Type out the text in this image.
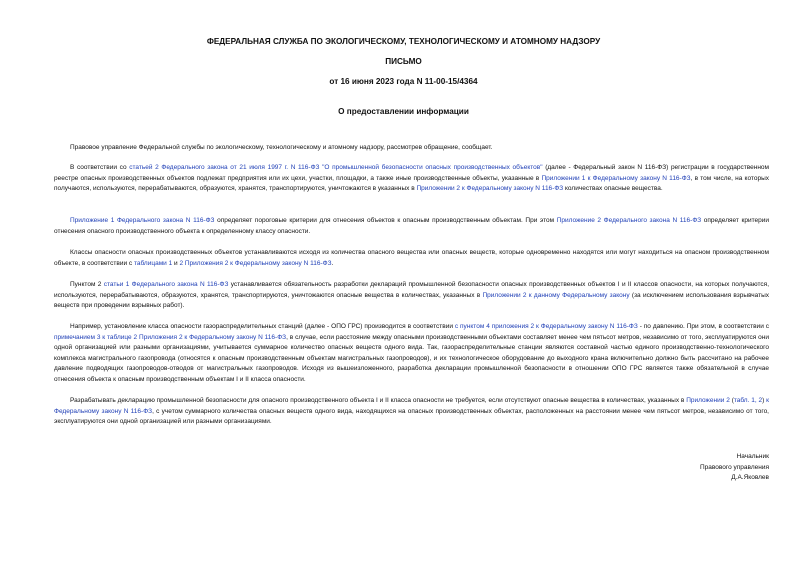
ФЕДЕРАЛЬНАЯ СЛУЖБА ПО ЭКОЛОГИЧЕСКОМУ, ТЕХНОЛОГИЧЕСКОМУ И АТОМНОМУ НАДЗОРУ
ПИСЬМО
от 16 июня 2023 года N 11-00-15/4364
О предоставлении информации

Правовое управление Федеральной службы по экологическому, технологическому и атомному надзору, рассмотрев обращение, сообщает.

В соответствии со статьей 2 Федерального закона от 21 июля 1997 г. N 116-ФЗ "О промышленной безопасности опасных производственных объектов" (далее - Федеральный закон N 116-ФЗ) регистрации в государственном реестре опасных производственных объектов подлежат предприятия или их цехи, участки, площадки, а также иные производственные объекты, указанные в Приложении 1 к Федеральному закону N 116-ФЗ, в том числе, на которых получаются, используются, перерабатываются, образуются, хранятся, транспортируются, уничтожаются в указанных в Приложении 2 к Федеральному закону N 116-ФЗ количествах опасные вещества.

Приложение 1 Федерального закона N 116-ФЗ определяет пороговые критерии для отнесения объектов к опасным производственным объектам. При этом Приложение 2 Федерального закона N 116-ФЗ определяет критерии отнесения опасного производственного объекта к определенному классу опасности.

Классы опасности опасных производственных объектов устанавливаются исходя из количества опасного вещества или опасных веществ, которые одновременно находятся или могут находиться на опасном производственном объекте, в соответствии с таблицами 1 и 2 Приложения 2 к Федеральному закону N 116-ФЗ.

Пунктом 2 статьи 1 Федерального закона N 116-ФЗ устанавливается обязательность разработки деклараций промышленной безопасности опасных производственных объектов I и II классов опасности, на которых получаются, используются, перерабатываются, образуются, хранятся, транспортируются, уничтожаются опасные вещества в количествах, указанных в Приложении 2 к данному Федеральному закону (за исключением использования взрывчатых веществ при проведении взрывных работ).

Например, установление класса опасности газораспределительных станций (далее - ОПО ГРС) производится в соответствии с пунктом 4 приложения 2 к Федеральному закону N 116-ФЗ - по давлению. При этом, в соответствии с примечанием 3 к таблице 2 Приложения 2 к Федеральному закону N 116-ФЗ, в случае, если расстояние между опасными производственными объектами составляет менее чем пятьсот метров, независимо от того, эксплуатируются они одной организацией или разными организациями, учитывается суммарное количество опасных веществ одного вида. Так, газораспределительные станции являются составной частью единого производственно-технологического комплекса магистрального газопровода (относятся к опасным производственным объектам магистральных газопроводов), и их технологическое оборудование до выходного крана включительно должно быть рассчитано на рабочее давление подводящих газопроводов-отводов от магистральных газопроводов. Исходя из вышеизложенного, разработка декларации промышленной безопасности в отношении ОПО ГРС является также обязательной в случае отнесения объекта к опасным производственным объектам I и II класса опасности.

Разрабатывать декларацию промышленной безопасности для опасного производственного объекта I и II класса опасности не требуется, если отсутствуют опасные вещества в количествах, указанных в Приложении 2 (табл. 1, 2) к Федеральному закону N 116-ФЗ, с учетом суммарного количества опасных веществ одного вида, находящихся на опасных производственных объектах, расположенных на расстоянии менее чем пятьсот метров, независимо от того, эксплуатируются они одной организацией или разными организациями.

Начальник
Правового управления
Д.А.Яковлев
